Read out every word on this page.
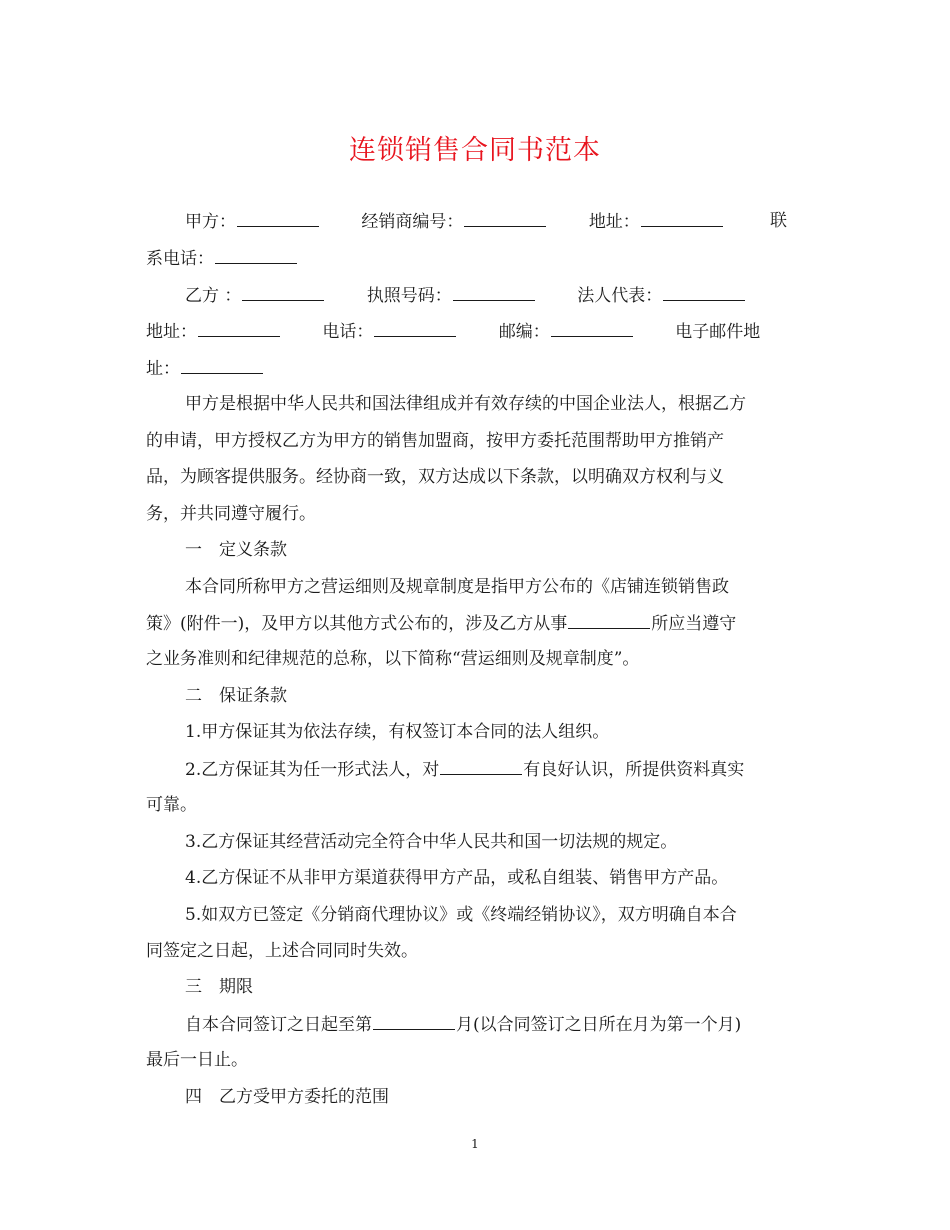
连锁销售合同书范本
甲方：	经销商编号：	地址：	联
系电话：
乙方 ：	执照号码：	法人代表：
地址：	电话：	邮编：	电子邮件地
址：
甲方是根据中华人民共和国法律组成并有效存续的中国企业法人，根据乙方
的申请，甲方授权乙方为甲方的销售加盟商，按甲方委托范围帮助甲方推销产
品，为顾客提供服务。经协商一致，双方达成以下条款，以明确双方权利与义
务，并共同遵守履行。
一　定义条款
本合同所称甲方之营运细则及规章制度是指甲方公布的《店铺连锁销售政
策》(附件一)，及甲方以其他方式公布的，涉及乙方从事	所应当遵守
之业务准则和纪律规范的总称，以下简称“营运细则及规章制度”。
二　保证条款
1.甲方保证其为依法存续，有权签订本合同的法人组织。
2.乙方保证其为任一形式法人，对	有良好认识，所提供资料真实
可靠。
3.乙方保证其经营活动完全符合中华人民共和国一切法规的规定。
4.乙方保证不从非甲方渠道获得甲方产品，或私自组装、销售甲方产品。
5.如双方已签定《分销商代理协议》或《终端经销协议》，双方明确自本合
同签定之日起，上述合同同时失效。
三　期限
自本合同签订之日起至第	月(以合同签订之日所在月为第一个月)
最后一日止。
四　乙方受甲方委托的范围
1
